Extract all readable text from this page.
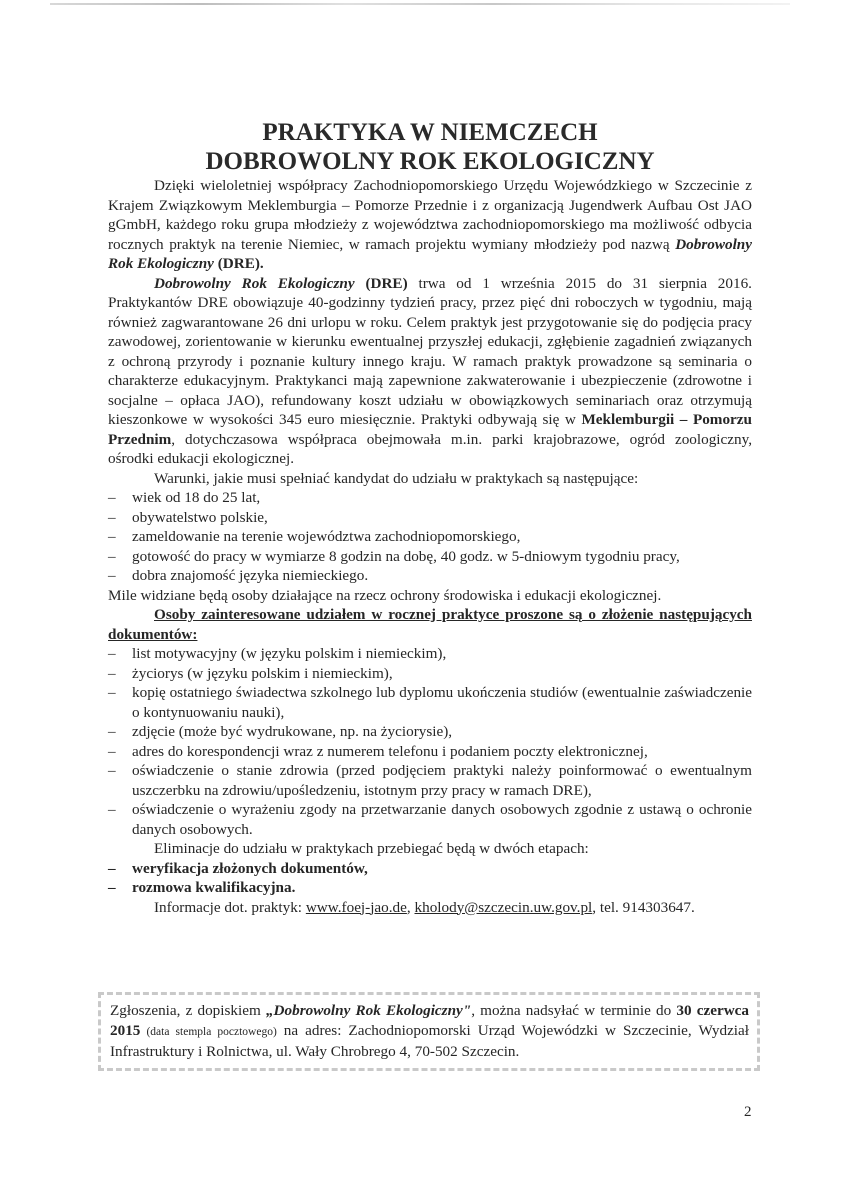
PRAKTYKA W NIEMCZECH
DOBROWOLNY ROK EKOLOGICZNY

Dzięki wieloletniej współpracy Zachodniopomorskiego Urzędu Wojewódzkiego w Szczecinie z Krajem Związkowym Meklemburgia – Pomorze Przednie i z organizacją Jugendwerk Aufbau Ost JAO gGmbH, każdego roku grupa młodzieży z województwa zachodniopomorskiego ma możliwość odbycia rocznych praktyk na terenie Niemiec, w ramach projektu wymiany młodzieży pod nazwą Dobrowolny Rok Ekologiczny (DRE).

Dobrowolny Rok Ekologiczny (DRE) trwa od 1 września 2015 do 31 sierpnia 2016. Praktykantów DRE obowiązuje 40-godzinny tydzień pracy, przez pięć dni roboczych w tygodniu, mają również zagwarantowane 26 dni urlopu w roku. Celem praktyk jest przygotowanie się do podjęcia pracy zawodowej, zorientowanie w kierunku ewentualnej przyszłej edukacji, zgłębienie zagadnień związanych z ochroną przyrody i poznanie kultury innego kraju. W ramach praktyk prowadzone są seminaria o charakterze edukacyjnym. Praktykanci mają zapewnione zakwaterowanie i ubezpieczenie (zdrowotne i socjalne – opłaca JAO), refundowany koszt udziału w obowiązkowych seminariach oraz otrzymują kieszonkowe w wysokości 345 euro miesięcznie. Praktyki odbywają się w Meklemburgii – Pomorzu Przednim, dotychczasowa współpraca obejmowała m.in. parki krajobrazowe, ogród zoologiczny, ośrodki edukacji ekologicznej.

Warunki, jakie musi spełniać kandydat do udziału w praktykach są następujące:

– wiek od 18 do 25 lat,
– obywatelstwo polskie,
– zameldowanie na terenie województwa zachodniopomorskiego,
– gotowość do pracy w wymiarze 8 godzin na dobę, 40 godz. w 5-dniowym tygodniu pracy,
– dobra znajomość języka niemieckiego.

Mile widziane będą osoby działające na rzecz ochrony środowiska i edukacji ekologicznej.

Osoby zainteresowane udziałem w rocznej praktyce proszone są o złożenie następujących dokumentów:

– list motywacyjny (w języku polskim i niemieckim),
– życiorys (w języku polskim i niemieckim),
– kopię ostatniego świadectwa szkolnego lub dyplomu ukończenia studiów (ewentualnie zaświadczenie o kontynuowaniu nauki),
– zdjęcie (może być wydrukowane, np. na życiorysie),
– adres do korespondencji wraz z numerem telefonu i podaniem poczty elektronicznej,
– oświadczenie o stanie zdrowia (przed podjęciem praktyki należy poinformować o ewentualnym uszczerbku na zdrowiu/upośledzeniu, istotnym przy pracy w ramach DRE),
– oświadczenie o wyrażeniu zgody na przetwarzanie danych osobowych zgodnie z ustawą o ochronie danych osobowych.

Eliminacje do udziału w praktykach przebiegać będą w dwóch etapach:

– weryfikacja złożonych dokumentów,
– rozmowa kwalifikacyjna.

Informacje dot. praktyk: www.foej-jao.de, kholody@szczecin.uw.gov.pl, tel. 914303647.

Zgłoszenia, z dopiskiem „Dobrowolny Rok Ekologiczny", można nadsyłać w terminie do 30 czerwca 2015 (data stempla pocztowego) na adres: Zachodniopomorski Urząd Wojewódzki w Szczecinie, Wydział Infrastruktury i Rolnictwa, ul. Wały Chrobrego 4, 70-502 Szczecin.

2
